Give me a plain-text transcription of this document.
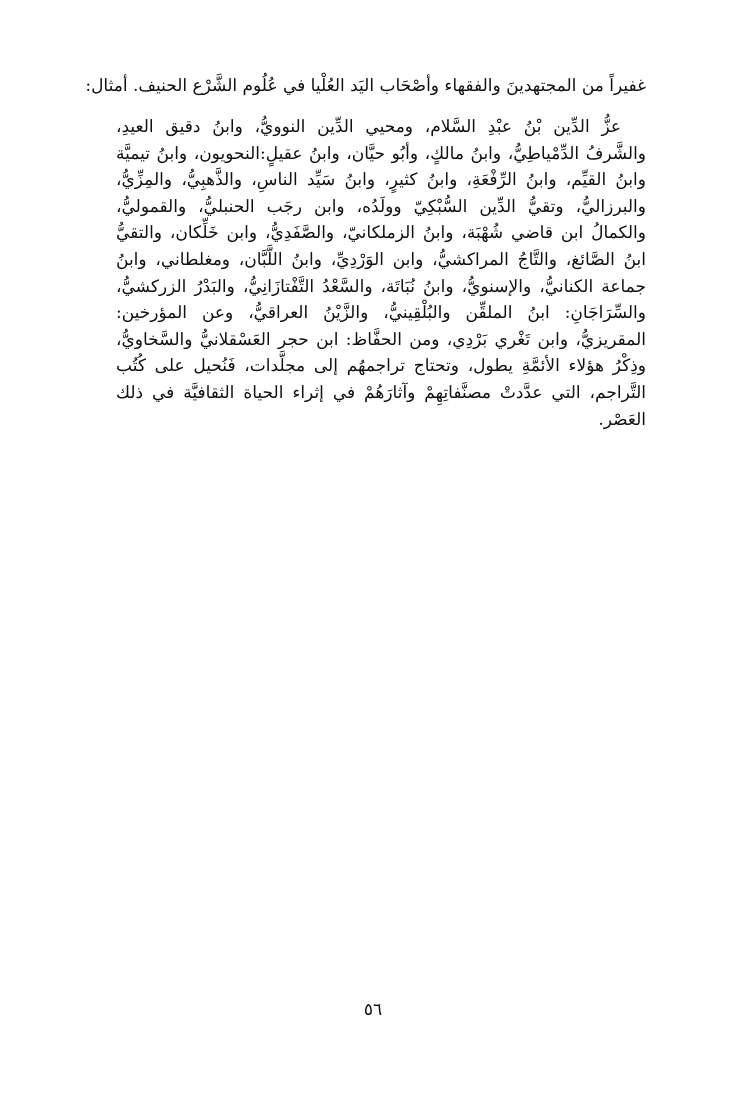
غفيراً من المجتهدينَ والفقهاء وأصْحَاب اليَد العُلْيا في عُلُوم الشَّرْع الحنيف. أمثال:

عزُّ الدِّين بْنُ عبْدِ السَّلام، ومحيي الدِّين النوويُّ، وابنُ دقيق العيدِ، والشَّرفُ الدِّمْياطِيُّ، وابنُ مالكٍ، وأبُو حيَّان، وابنُ عقيلٍ:النحويون، وابنُ تيميَّة وابنُ القيِّم، وابنُ الرِّفْعَةِ، وابنُ كثيرٍ، وابنُ سَيِّد الناسِ، والذَّهبِيُّ، والمِزِّيُّ، والبرزاليُّ، وتقيُّ الدِّين السُّبْكِيّ وولَدُه، وابن رجَب الحنبليُّ، والقموليُّ، والكمالُ ابن قاضي شُهْبَة، وابنُ الزملكانيّ، والصَّفَدِيُّ، وابن خَلِّكان، والتقيُّ ابنُ الصَّائغ، والتَّاجُ المراكشيُّ، وابن الوَرْدِيِّ، وابنُ اللَّبَّان، ومغلطاني، وابنُ جماعة الكنانيُّ، والإسنويُّ، وابنُ نُبَاتَة، والسَّعْدُ التَّفْتازَانِيُّ، والبَدْرُ الزركشيُّ، والسِّرَاجَانِ: ابنُ الملقِّن والبُلْقِينيُّ، والزَّيْنُ العراقيُّ، وعن المؤرخين: المقريزيُّ، وابن تَغْري بَرْدِي، ومن الحفَّاظ: ابن حجر العَسْقلانيُّ والسَّخاويُّ، وذِكْرُ هؤلاء الأئمَّةِ يطول، وتحتاج تراجمهُم إلى مجلَّدات، فَنُحيل على كُتُب التَّراجم، التي عدَّدتْ مصنَّفاتِهِمْ وآثارَهُمْ في إثراء الحياة الثقافيَّة في ذلك العَصْر.

٥٦
